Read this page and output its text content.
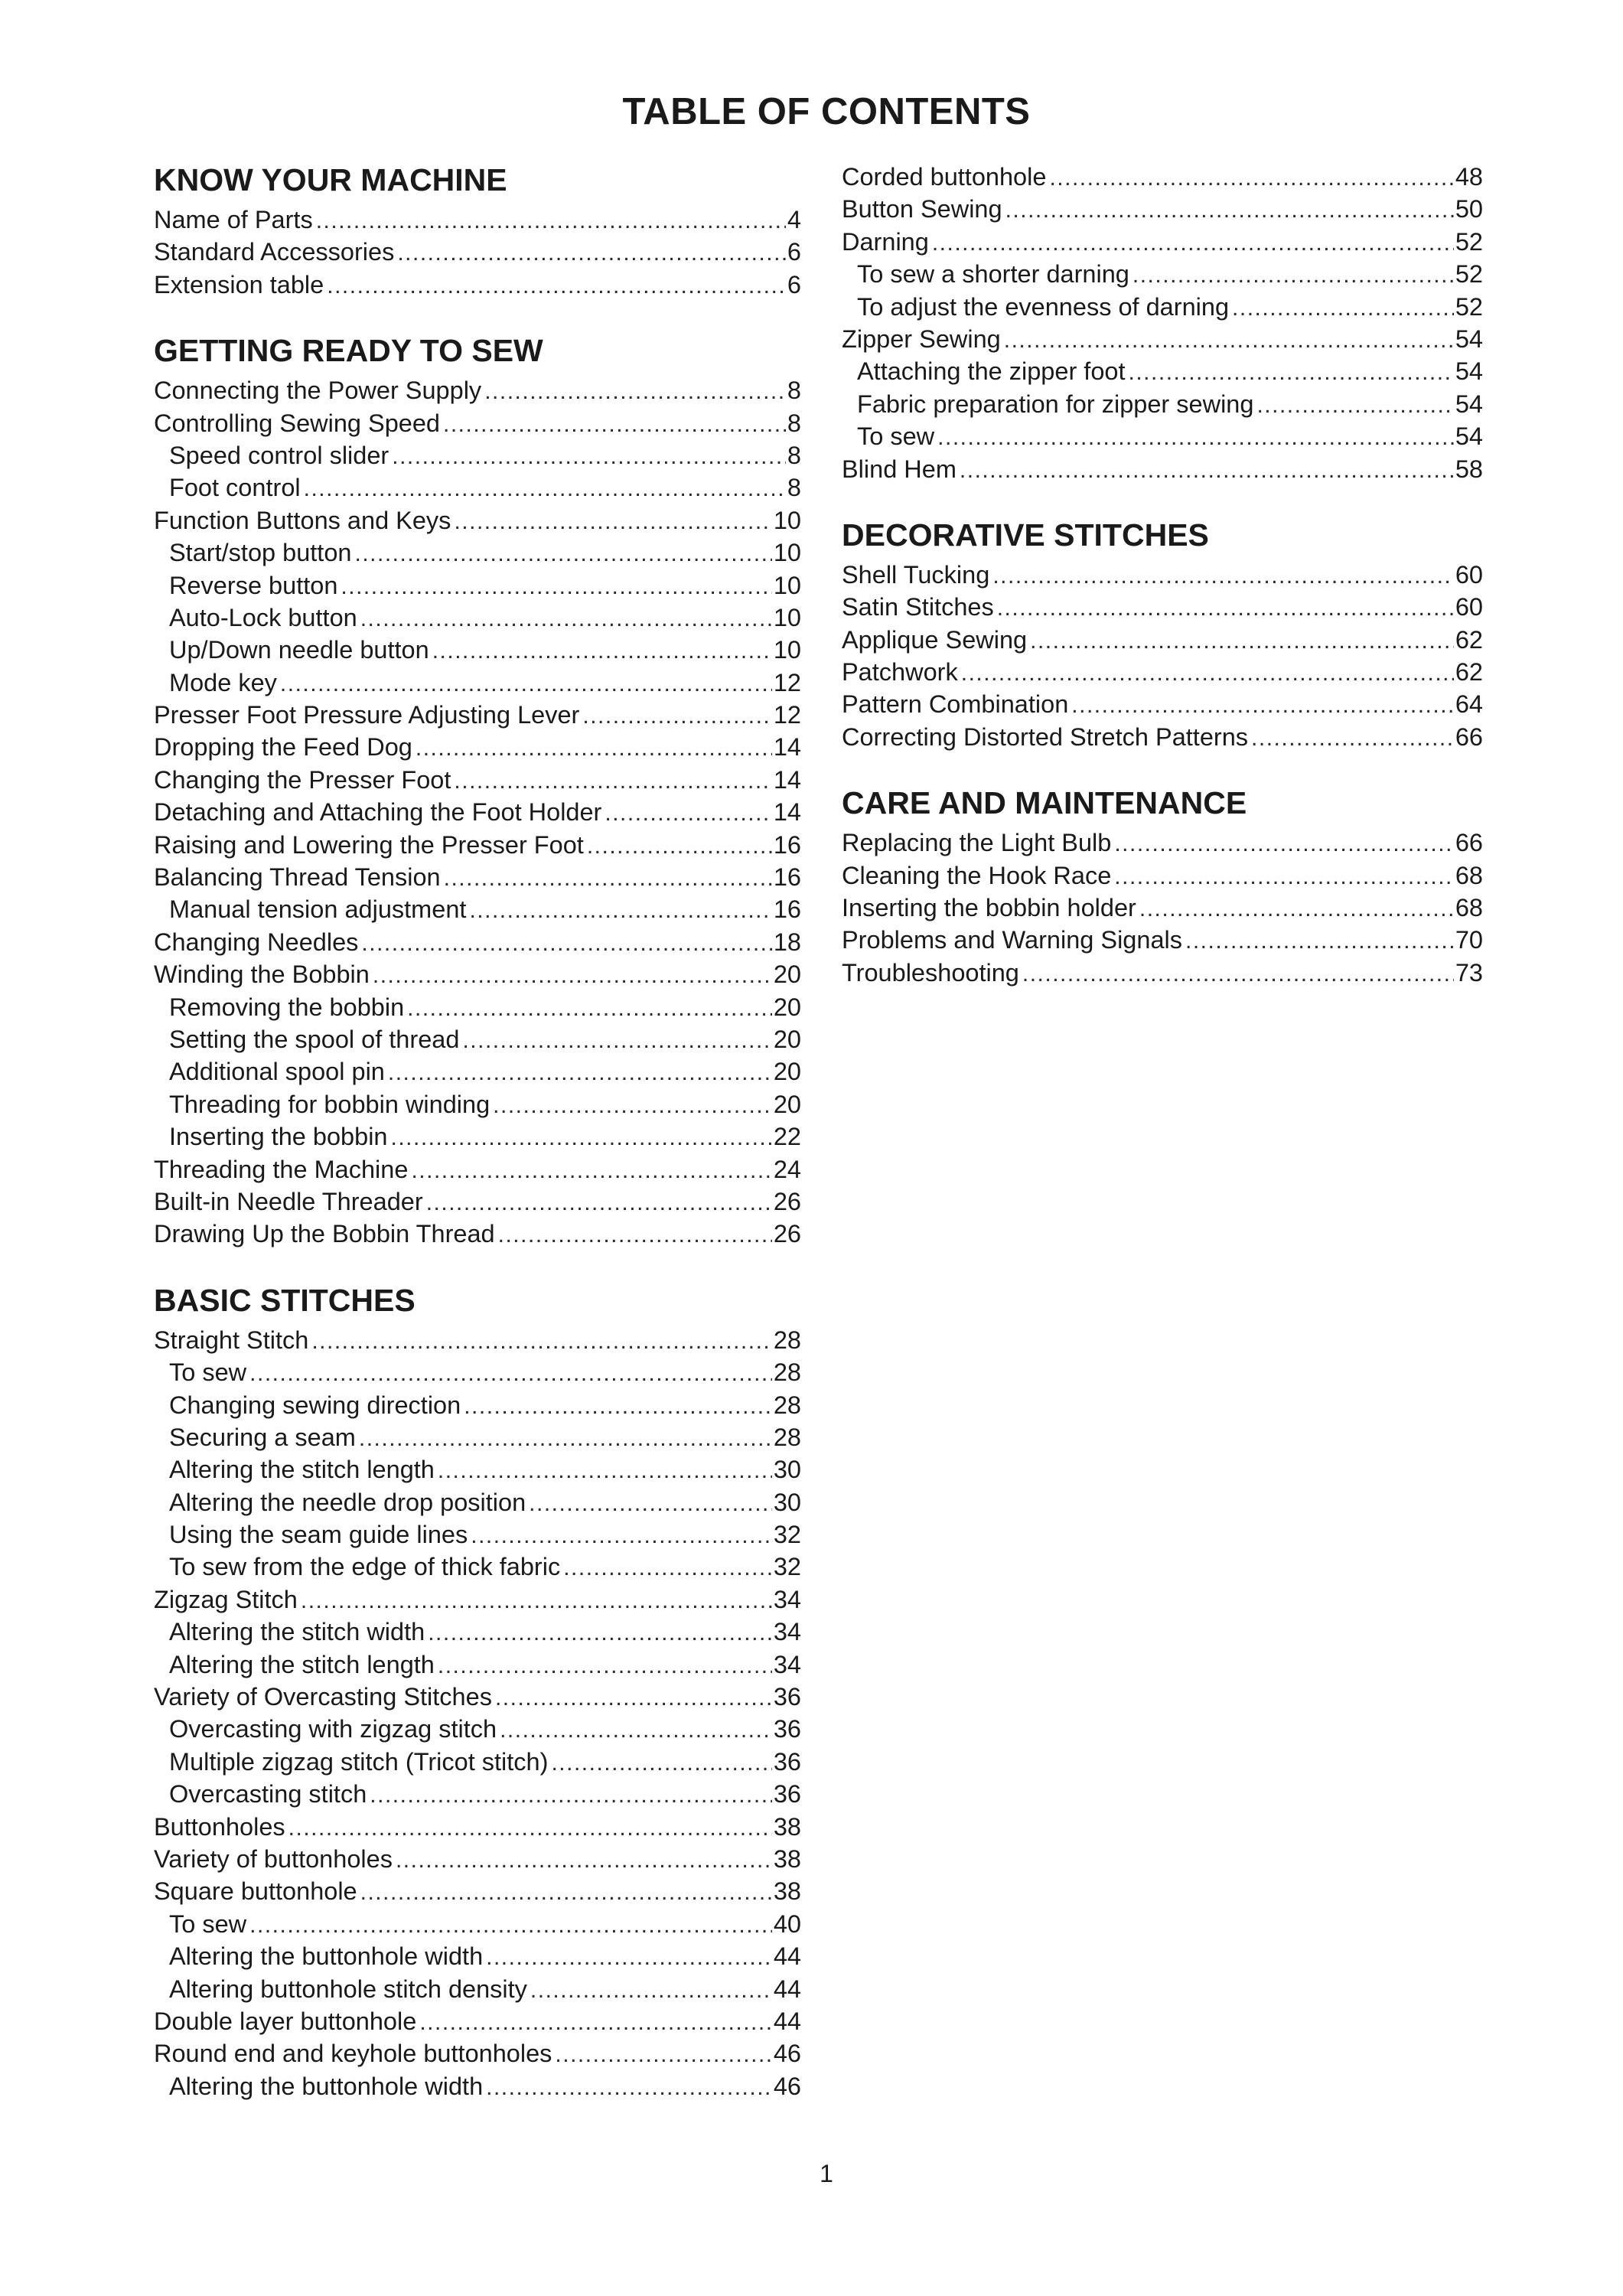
TABLE OF CONTENTS
KNOW YOUR MACHINE
Name of Parts .....	4
Standard Accessories .....	6
Extension table .....	6
GETTING READY TO SEW
Connecting the Power Supply .....	8
Controlling Sewing Speed .....	8
Speed control slider .....	8
Foot control .....	8
Function Buttons and Keys .....	10
Start/stop button .....	10
Reverse button .....	10
Auto-Lock button .....	10
Up/Down needle button .....	10
Mode key .....	12
Presser Foot Pressure Adjusting Lever .....	12
Dropping the Feed Dog .....	14
Changing the Presser Foot .....	14
Detaching and Attaching the Foot Holder .....	14
Raising and Lowering the Presser Foot .....	16
Balancing Thread Tension .....	16
Manual tension adjustment .....	16
Changing Needles .....	18
Winding the Bobbin .....	20
Removing the bobbin .....	20
Setting the spool of thread .....	20
Additional spool pin .....	20
Threading for bobbin winding .....	20
Inserting the bobbin .....	22
Threading the Machine .....	24
Built-in Needle Threader .....	26
Drawing Up the Bobbin Thread .....	26
BASIC STITCHES
Straight Stitch .....	28
To sew .....	28
Changing sewing direction .....	28
Securing a seam .....	28
Altering the stitch length .....	30
Altering the needle drop position .....	30
Using the seam guide lines .....	32
To sew from the edge of thick fabric .....	32
Zigzag Stitch .....	34
Altering the stitch width .....	34
Altering the stitch length .....	34
Variety of Overcasting Stitches .....	36
Overcasting with zigzag stitch .....	36
Multiple zigzag stitch (Tricot stitch) .....	36
Overcasting stitch .....	36
Buttonholes .....	38
Variety of buttonholes .....	38
Square buttonhole .....	38
To sew .....	40
Altering the buttonhole width .....	44
Altering buttonhole stitch density .....	44
Double layer buttonhole .....	44
Round end and keyhole buttonholes .....	46
Altering the buttonhole width .....	46
Corded buttonhole .....	48
Button Sewing .....	50
Darning .....	52
To sew a shorter darning .....	52
To adjust the evenness of darning .....	52
Zipper Sewing .....	54
Attaching the zipper foot .....	54
Fabric preparation for zipper sewing .....	54
To sew .....	54
Blind Hem .....	58
DECORATIVE STITCHES
Shell Tucking .....	60
Satin Stitches .....	60
Applique Sewing .....	62
Patchwork .....	62
Pattern Combination .....	64
Correcting Distorted Stretch Patterns .....	66
CARE AND MAINTENANCE
Replacing the Light Bulb .....	66
Cleaning the Hook Race .....	68
Inserting the bobbin holder .....	68
Problems and Warning Signals .....	70
Troubleshooting .....	73
1
